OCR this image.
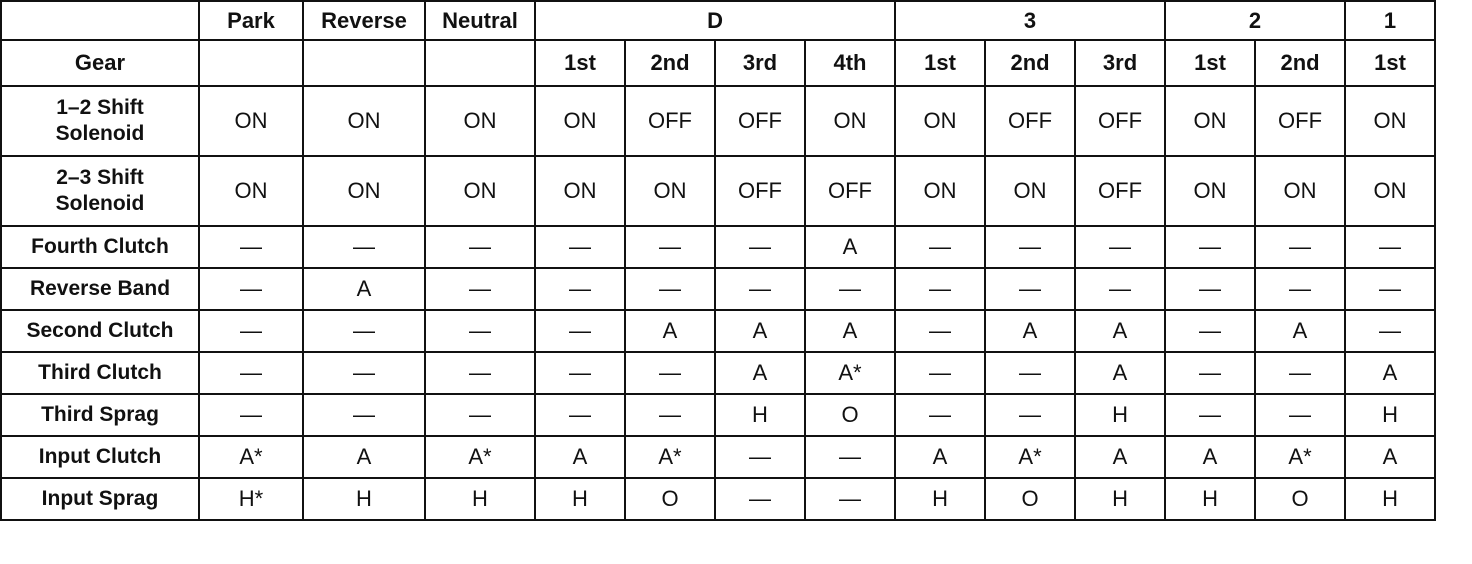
	Park	Reverse	Neutral	D				3			2		1
Gear				1st	2nd	3rd	4th	1st	2nd	3rd	1st	2nd	1st
1–2 Shift
Solenoid	ON	ON	ON	ON	OFF	OFF	ON	ON	OFF	OFF	ON	OFF	ON
2–3 Shift
Solenoid	ON	ON	ON	ON	ON	OFF	OFF	ON	ON	OFF	ON	ON	ON
Fourth Clutch	—	—	—	—	—	—	A	—	—	—	—	—	—
Reverse Band	—	A	—	—	—	—	—	—	—	—	—	—	—
Second Clutch	—	—	—	—	A	A	A	—	A	A	—	A	—
Third Clutch	—	—	—	—	—	A	A*	—	—	A	—	—	A
Third Sprag	—	—	—	—	—	H	O	—	—	H	—	—	H
Input Clutch	A*	A	A*	A	A*	—	—	A	A*	A	A	A*	A
Input Sprag	H*	H	H	H	O	—	—	H	O	H	H	O	H
